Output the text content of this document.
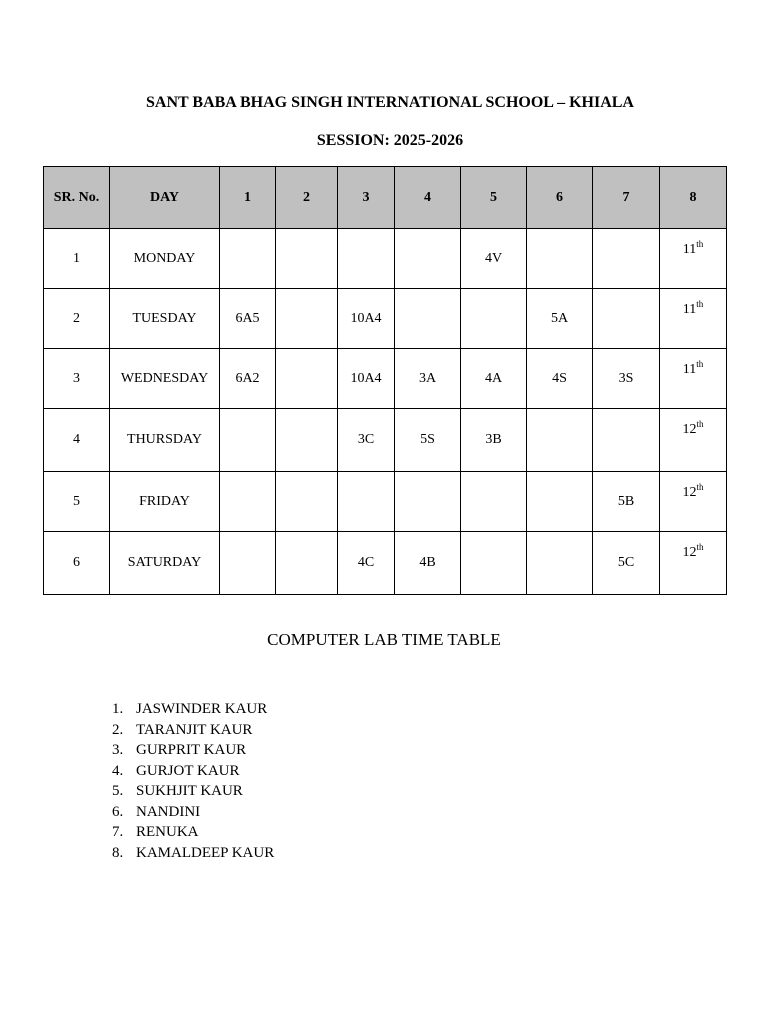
SANT BABA BHAG SINGH INTERNATIONAL SCHOOL – KHIALA
SESSION: 2025-2026
SR. No.	DAY	1	2	3	4	5	6	7	8
1	MONDAY					4V			11th
2	TUESDAY	6A5		10A4			5A		11th
3	WEDNESDAY	6A2		10A4	3A	4A	4S	3S	11th
4	THURSDAY			3C	5S	3B			12th
5	FRIDAY							5B	12th
6	SATURDAY			4C	4B			5C	12th

COMPUTER LAB TIME TABLE

1. JASWINDER KAUR
2. TARANJIT KAUR
3. GURPRIT KAUR
4. GURJOT KAUR
5. SUKHJIT KAUR
6. NANDINI
7. RENUKA
8. KAMALDEEP KAUR
